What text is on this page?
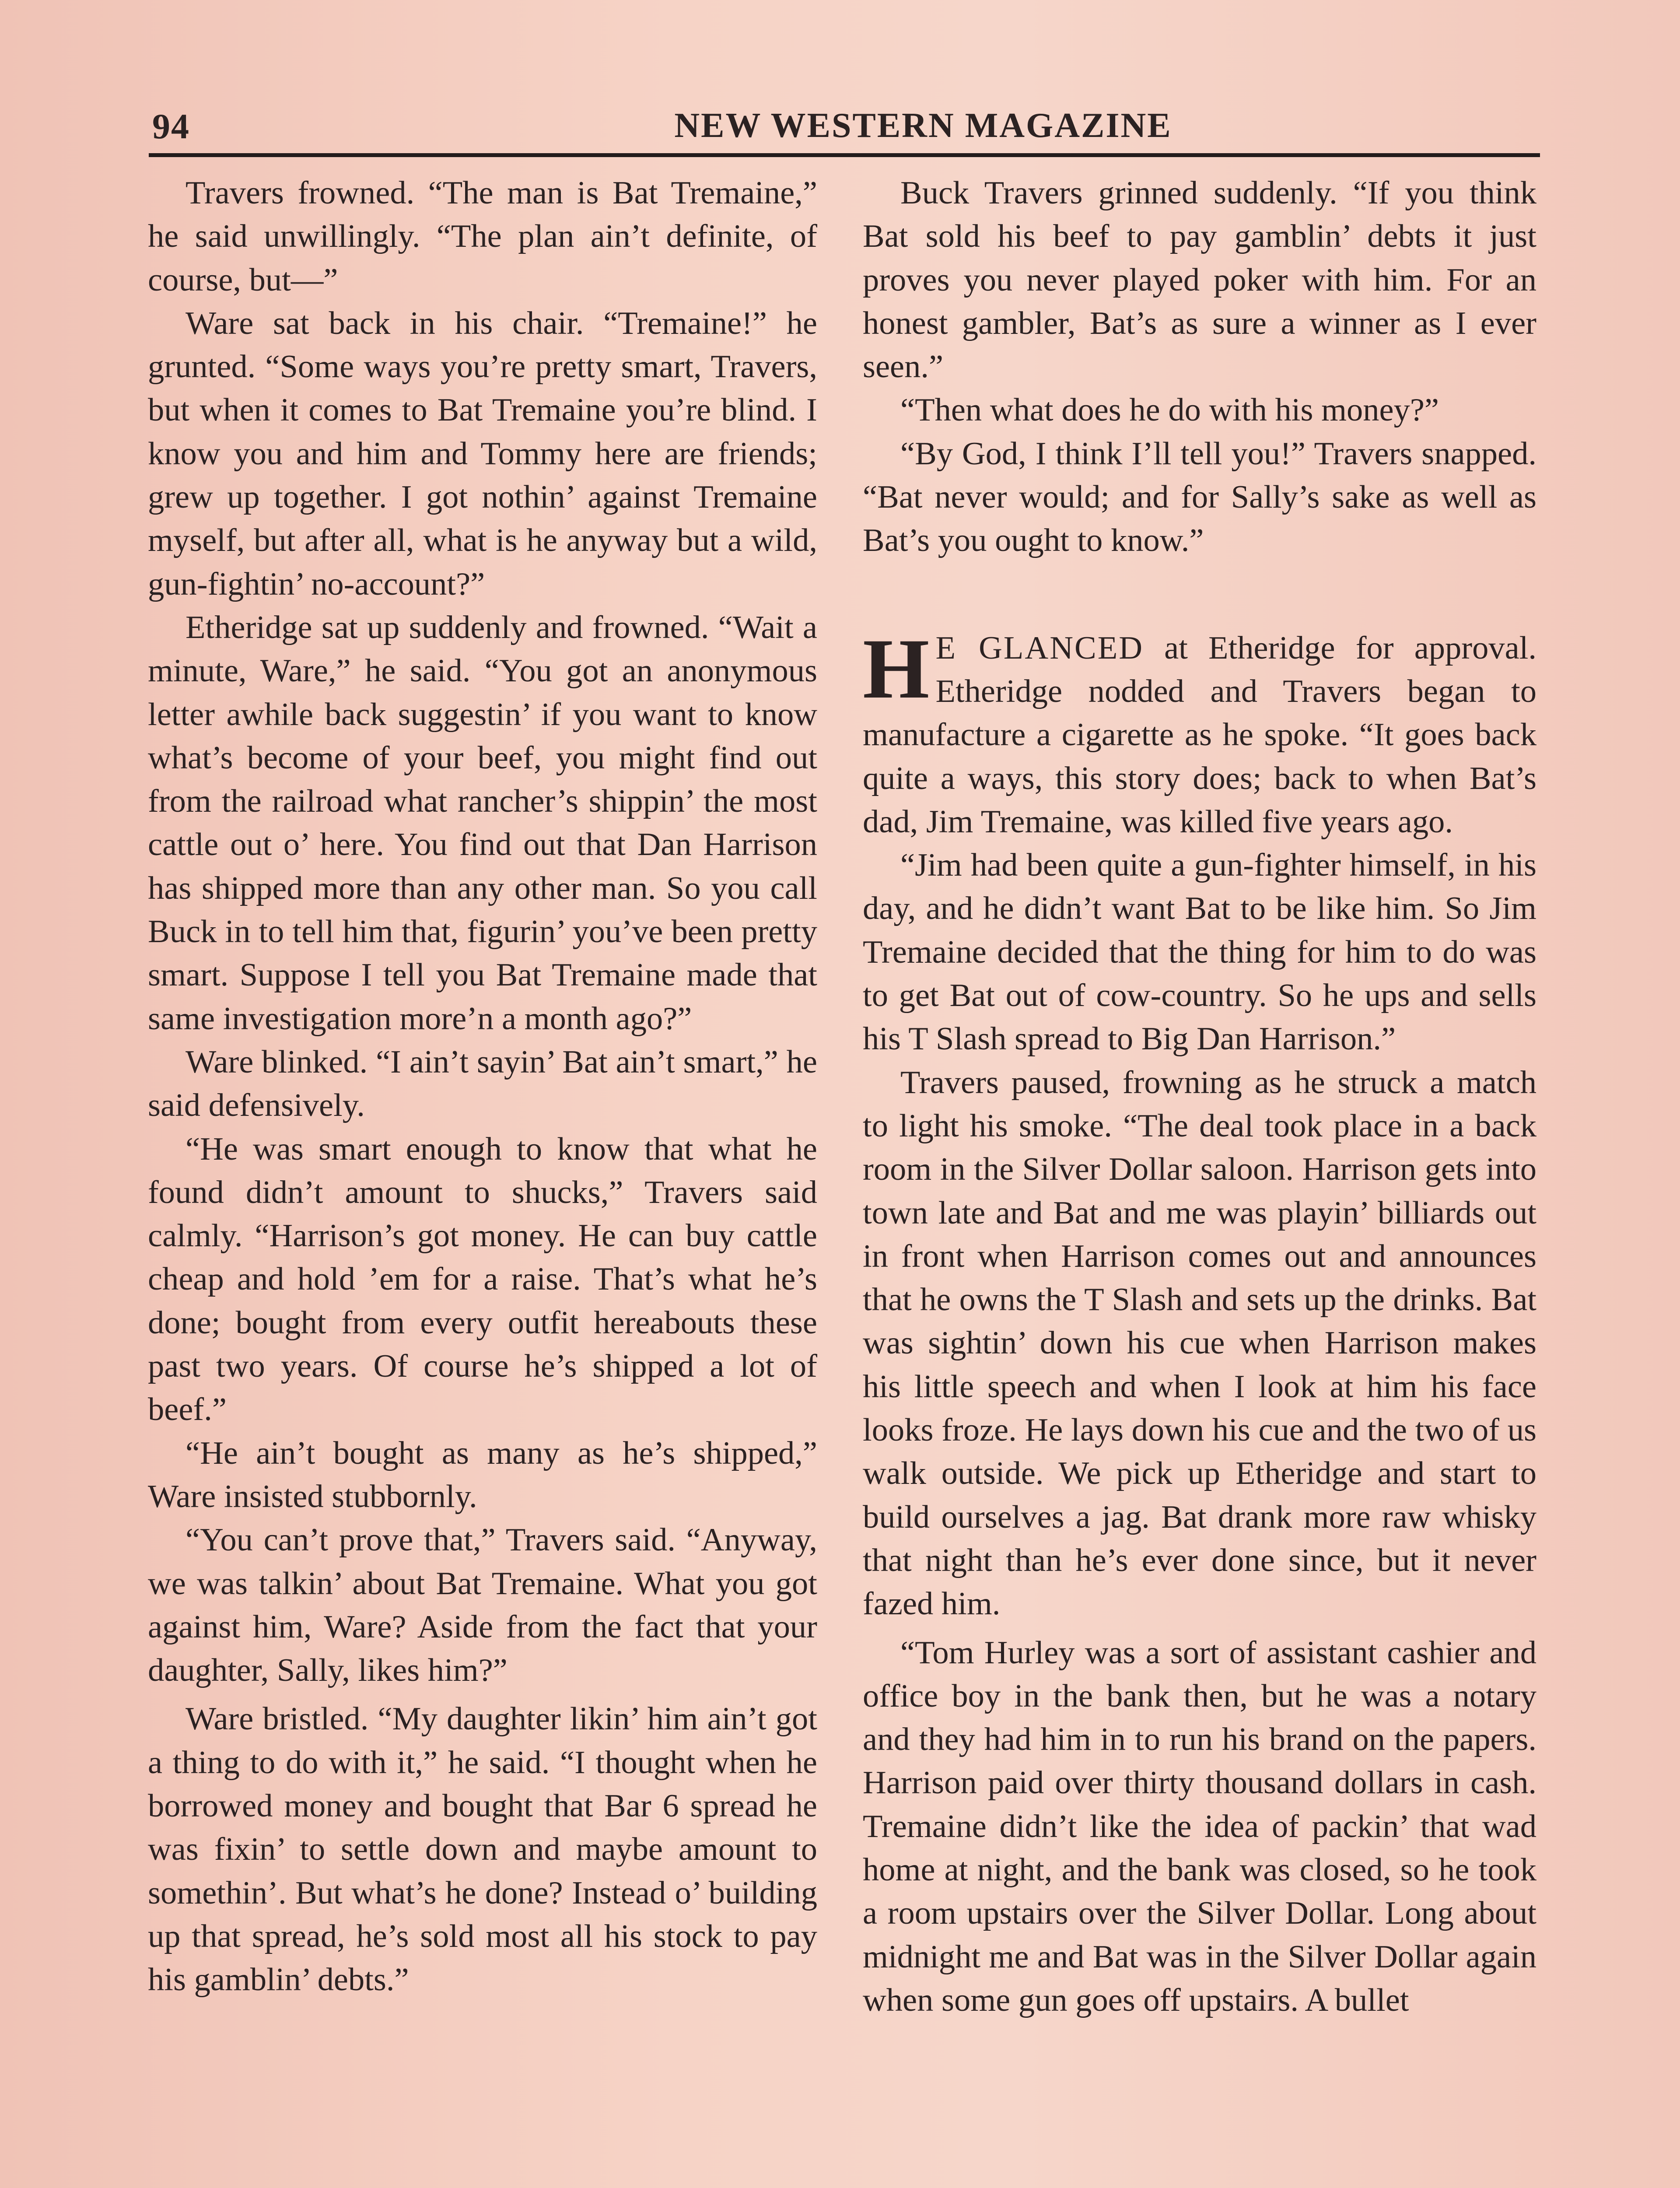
94	NEW WESTERN MAGAZINE

Travers frowned. “The man is Bat Tremaine,” he said unwillingly. “The plan ain’t definite, of course, but—”

Ware sat back in his chair. “Tremaine!” he grunted. “Some ways you’re pretty smart, Travers, but when it comes to Bat Tremaine you’re blind. I know you and him and Tommy here are friends; grew up together. I got nothin’ against Tremaine myself, but after all, what is he anyway but a wild, gun-fightin’ no-account?”

Etheridge sat up suddenly and frowned. “Wait a minute, Ware,” he said. “You got an anonymous letter awhile back suggestin’ if you want to know what’s become of your beef, you might find out from the railroad what rancher’s shippin’ the most cattle out o’ here. You find out that Dan Harrison has shipped more than any other man. So you call Buck in to tell him that, figurin’ you’ve been pretty smart. Suppose I tell you Bat Tremaine made that same investigation more’n a month ago?”

Ware blinked. “I ain’t sayin’ Bat ain’t smart,” he said defensively.

“He was smart enough to know that what he found didn’t amount to shucks,” Travers said calmly. “Harrison’s got money. He can buy cattle cheap and hold ’em for a raise. That’s what he’s done; bought from every outfit hereabouts these past two years. Of course he’s shipped a lot of beef.”

“He ain’t bought as many as he’s shipped,” Ware insisted stubbornly.

“You can’t prove that,” Travers said. “Anyway, we was talkin’ about Bat Tremaine. What you got against him, Ware? Aside from the fact that your daughter, Sally, likes him?”

Ware bristled. “My daughter likin’ him ain’t got a thing to do with it,” he said. “I thought when he borrowed money and bought that Bar 6 spread he was fixin’ to settle down and maybe amount to somethin’. But what’s he done? Instead o’ building up that spread, he’s sold most all his stock to pay his gamblin’ debts.”

Buck Travers grinned suddenly. “If you think Bat sold his beef to pay gamblin’ debts it just proves you never played poker with him. For an honest gambler, Bat’s as sure a winner as I ever seen.”

“Then what does he do with his money?”

“By God, I think I’ll tell you!” Travers snapped. “Bat never would; and for Sally’s sake as well as Bat’s you ought to know.”

H E GLANCED at Etheridge for approval. Etheridge nodded and Travers began to manufacture a cigarette as he spoke. “It goes back quite a ways, this story does; back to when Bat’s dad, Jim Tremaine, was killed five years ago.

“Jim had been quite a gun-fighter himself, in his day, and he didn’t want Bat to be like him. So Jim Tremaine decided that the thing for him to do was to get Bat out of cow-country. So he ups and sells his T Slash spread to Big Dan Harrison.”

Travers paused, frowning as he struck a match to light his smoke. “The deal took place in a back room in the Silver Dollar saloon. Harrison gets into town late and Bat and me was playin’ billiards out in front when Harrison comes out and announces that he owns the T Slash and sets up the drinks. Bat was sightin’ down his cue when Harrison makes his little speech and when I look at him his face looks froze. He lays down his cue and the two of us walk outside. We pick up Etheridge and start to build ourselves a jag. Bat drank more raw whisky that night than he’s ever done since, but it never fazed him.

“Tom Hurley was a sort of assistant cashier and office boy in the bank then, but he was a notary and they had him in to run his brand on the papers. Harrison paid over thirty thousand dollars in cash. Tremaine didn’t like the idea of packin’ that wad home at night, and the bank was closed, so he took a room upstairs over the Silver Dollar. Long about midnight me and Bat was in the Silver Dollar again when some gun goes off upstairs. A bullet
